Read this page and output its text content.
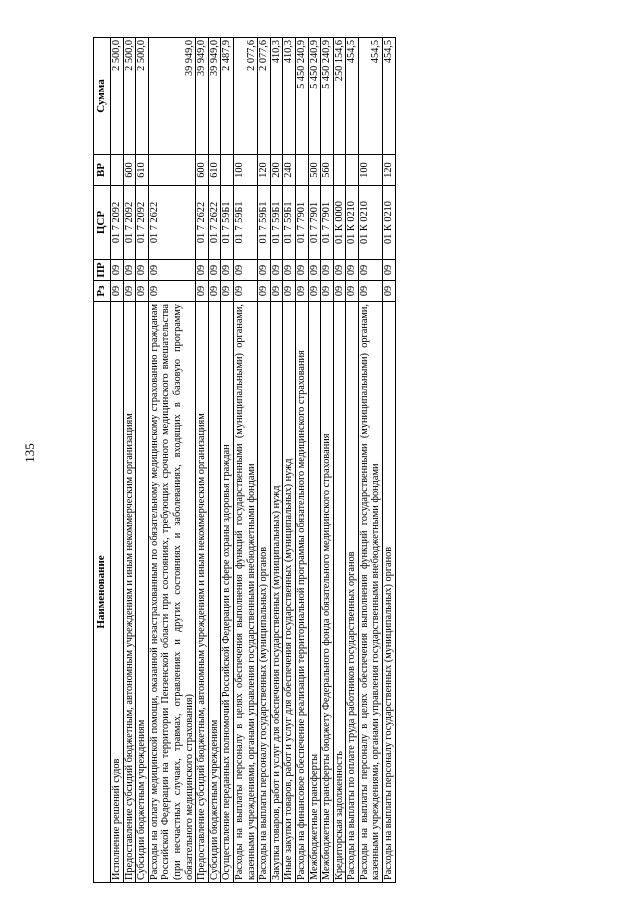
135
Наименование	Рз	ПР	ЦСР	ВР	Сумма
Исполнение решений судов	09	09	01 7 2092		2 500,0
Предоставление субсидий бюджетным, автономным учреждениям и иным некоммерческим организациям	09	09	01 7 2092	600	2 500,0
Субсидии бюджетным учреждениям	09	09	01 7 2092	610	2 500,0
Расходы на оплату медицинской помощи, оказанной незастрахованным по обязательному медицинскому страхованию гражданам Российской Федерации на территории Пензенской области при состояниях, требующих срочного медицинского вмешательства (при несчастных случаях, травмах, отравлениях и других состояниях и заболеваниях, входящих в базовую программу обязательного медицинского страхования)	09	09	01 7 2622		39 949,0
Предоставление субсидий бюджетным, автономным учреждениям и иным некоммерческим организациям	09	09	01 7 2622	600	39 949,0
Субсидии бюджетным учреждениям	09	09	01 7 2622	610	39 949,0
Осуществление переданных полномочий Российской Федерации в сфере охраны здоровья граждан	09	09	01 7 59Б1		2 487,9
Расходы на выплаты персоналу в целях обеспечения выполнения функций государственными (муниципальными) органами, казенными учреждениями, органами управления государственными внебюджетными фондами	09	09	01 7 59Б1	100	2 077,6
Расходы на выплаты персоналу государственных (муниципальных) органов	09	09	01 7 59Б1	120	2 077,6
Закупка товаров, работ и услуг для обеспечения государственных (муниципальных) нужд	09	09	01 7 59Б1	200	410,3
Иные закупки товаров, работ и услуг для обеспечения государственных (муниципальных) нужд	09	09	01 7 59Б1	240	410,3
Расходы на финансовое обеспечение реализации территориальной программы обязательного медицинского страхования	09	09	01 7 7901		5 450 240,9
Межбюджетные трансферты	09	09	01 7 7901	500	5 450 240,9
Межбюджетные трансферты бюджету Федерального фонда обязательного медицинского страхования	09	09	01 7 7901	560	5 450 240,9
Кредиторская задолженность	09	09	01 К 0000		250 154,6
Расходы на выплаты по оплате труда работников государственных органов	09	09	01 К 0210		454,5
Расходы на выплаты персоналу в целях обеспечения выполнения функций государственными (муниципальными) органами, казенными учреждениями, органами управления государственными внебюджетными фондами	09	09	01 К 0210	100	454,5
Расходы на выплаты персоналу государственных (муниципальных) органов	09	09	01 К 0210	120	454,5
